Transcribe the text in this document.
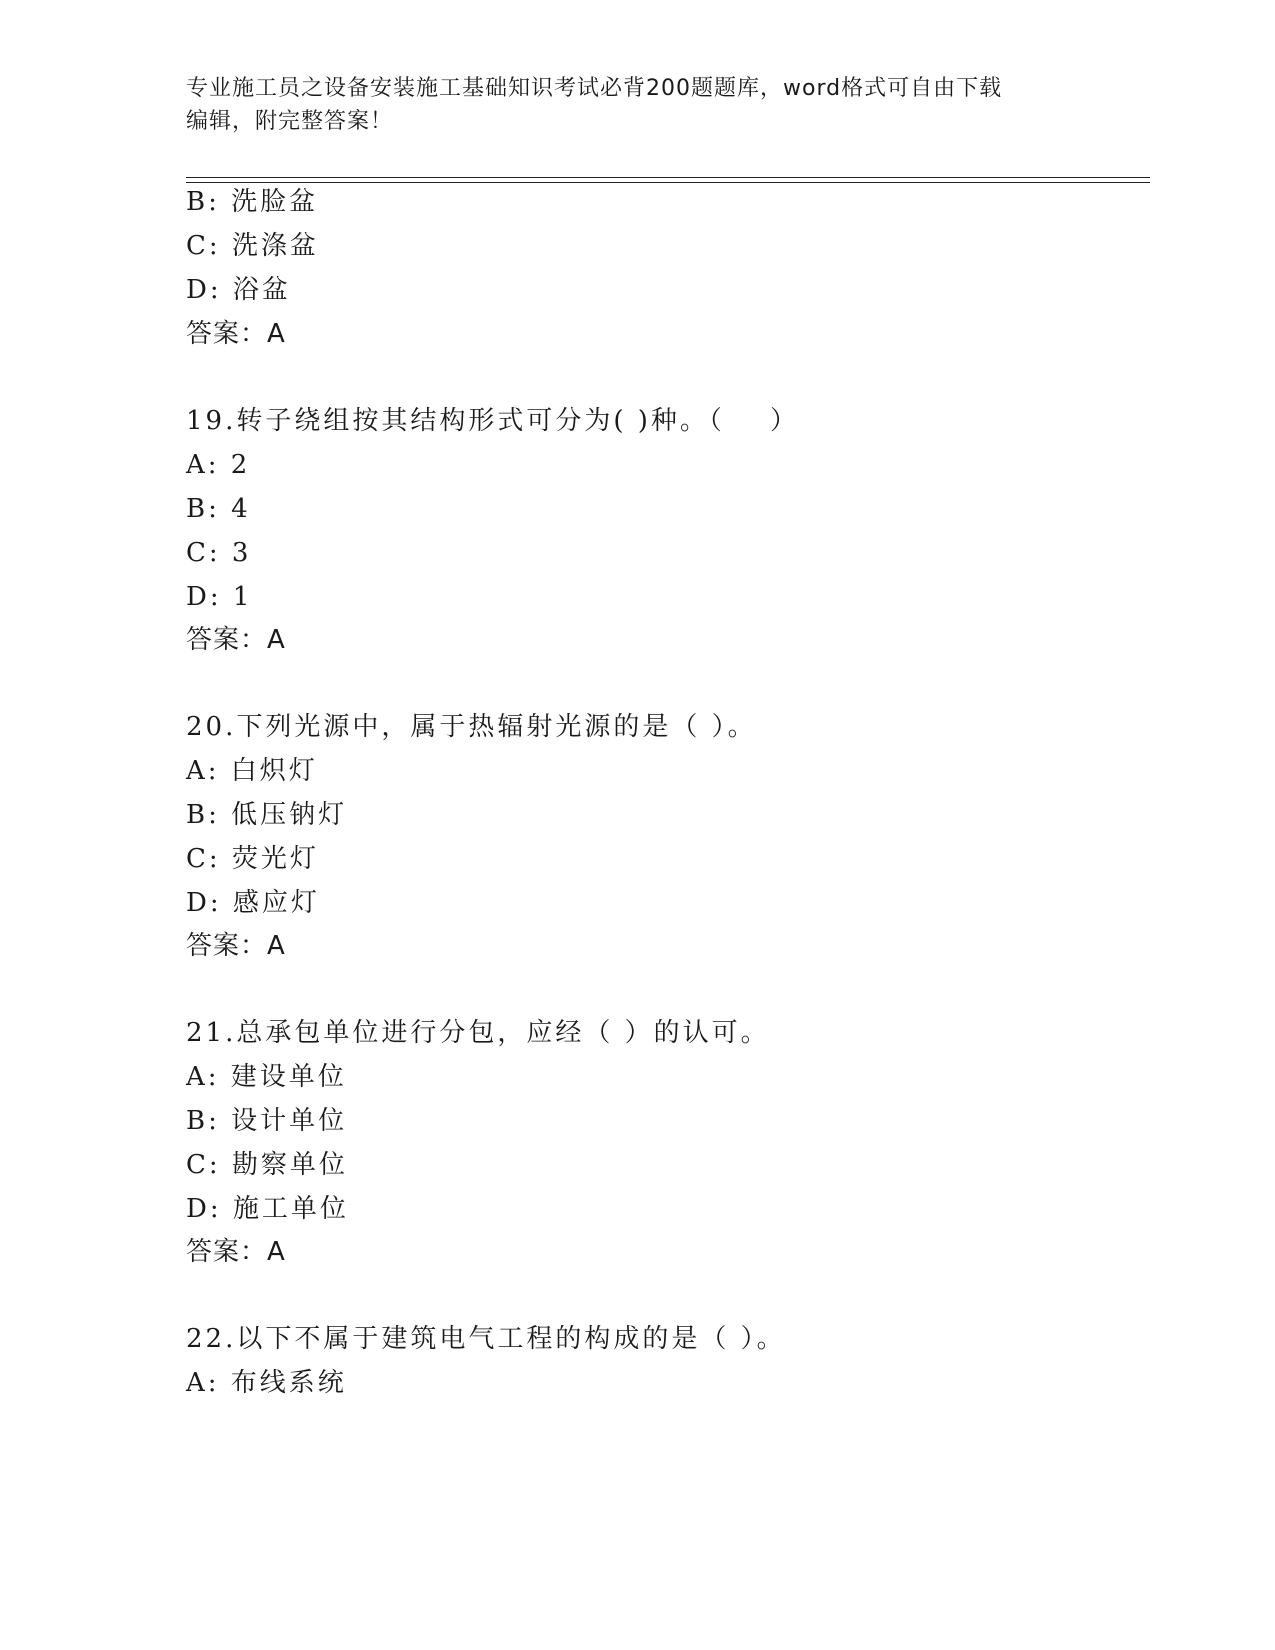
专业施工员之设备安装施工基础知识考试必背200题题库，word格式可自由下载
编辑，附完整答案！
B: 洗脸盆
C: 洗涤盆
D: 浴盆
答案：A
19.转子绕组按其结构形式可分为( )种。（    ）
A: 2
B: 4
C: 3
D: 1
答案：A
20.下列光源中，属于热辐射光源的是（ ）。
A: 白炽灯
B: 低压钠灯
C: 荧光灯
D: 感应灯
答案：A
21.总承包单位进行分包，应经（ ）的认可。
A: 建设单位
B: 设计单位
C: 勘察单位
D: 施工单位
答案：A
22.以下不属于建筑电气工程的构成的是（ ）。
A: 布线系统
